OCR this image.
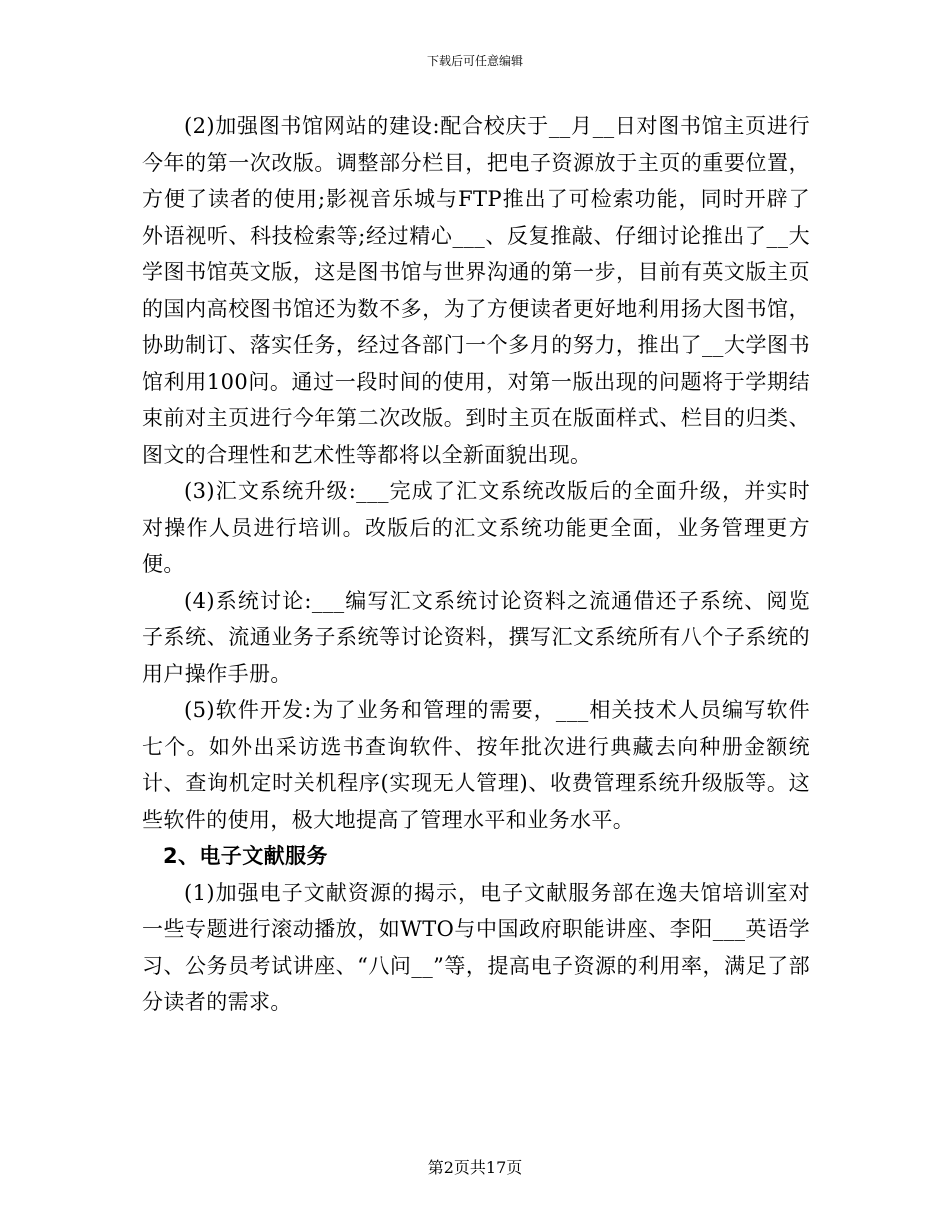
下载后可任意编辑

(2)加强图书馆网站的建设:配合校庆于__月__日对图书馆主页进行今年的第一次改版。调整部分栏目，把电子资源放于主页的重要位置，方便了读者的使用;影视音乐城与FTP推出了可检索功能，同时开辟了外语视听、科技检索等;经过精心___、反复推敲、仔细讨论推出了__大学图书馆英文版，这是图书馆与世界沟通的第一步，目前有英文版主页的国内高校图书馆还为数不多，为了方便读者更好地利用扬大图书馆，协助制订、落实任务，经过各部门一个多月的努力，推出了__大学图书馆利用100问。通过一段时间的使用，对第一版出现的问题将于学期结束前对主页进行今年第二次改版。到时主页在版面样式、栏目的归类、图文的合理性和艺术性等都将以全新面貌出现。

(3)汇文系统升级:___完成了汇文系统改版后的全面升级，并实时对操作人员进行培训。改版后的汇文系统功能更全面，业务管理更方便。

(4)系统讨论:___编写汇文系统讨论资料之流通借还子系统、阅览子系统、流通业务子系统等讨论资料，撰写汇文系统所有八个子系统的用户操作手册。

(5)软件开发:为了业务和管理的需要，___相关技术人员编写软件七个。如外出采访选书查询软件、按年批次进行典藏去向种册金额统计、查询机定时关机程序(实现无人管理)、收费管理系统升级版等。这些软件的使用，极大地提高了管理水平和业务水平。

2、电子文献服务

(1)加强电子文献资源的揭示，电子文献服务部在逸夫馆培训室对一些专题进行滚动播放，如WTO与中国政府职能讲座、李阳___英语学习、公务员考试讲座、“八问__”等，提高电子资源的利用率，满足了部分读者的需求。

第2页共17页
